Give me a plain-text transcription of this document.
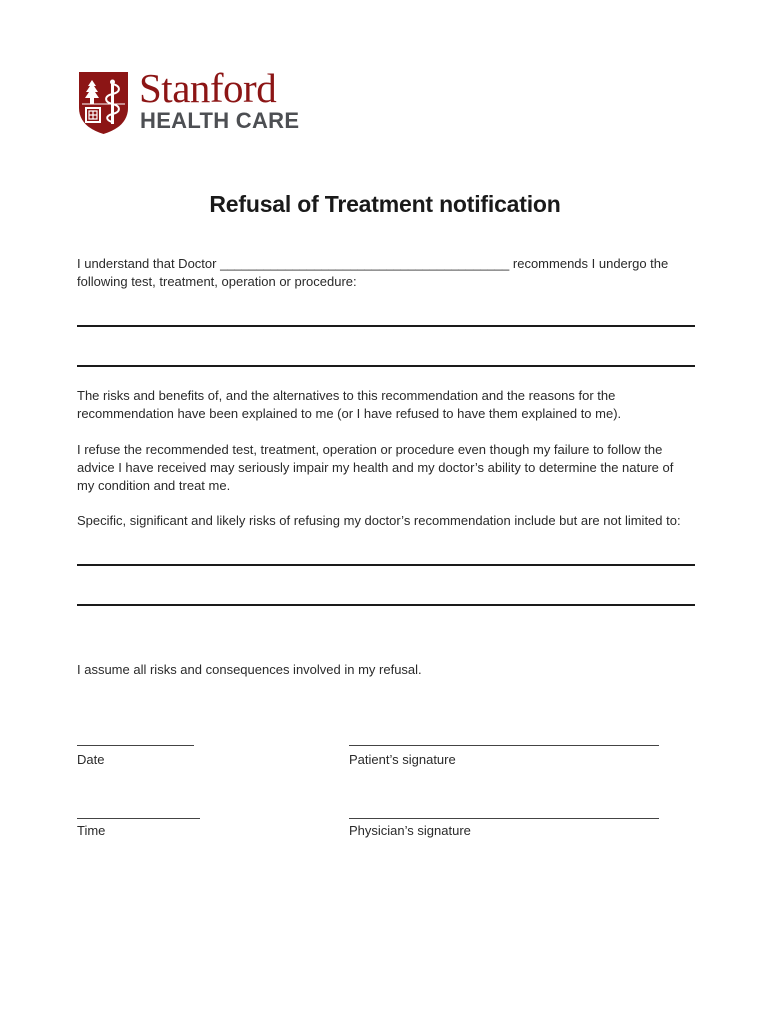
Stanford
HEALTH CARE
Refusal of Treatment notification
I understand that Doctor ________________________________________ recommends I undergo the
following test, treatment, operation or procedure:
The risks and benefits of, and the alternatives to this recommendation and the reasons for the
recommendation have been explained to me (or I have refused to have them explained to me).
I refuse the recommended test, treatment, operation or procedure even though my failure to follow the
advice I have received may seriously impair my health and my doctor’s ability to determine the nature of
my condition and treat me.
Specific, significant and likely risks of refusing my doctor’s recommendation include but are not limited to:
I assume all risks and consequences involved in my refusal.
Date	Patient’s signature
Time	Physician’s signature
